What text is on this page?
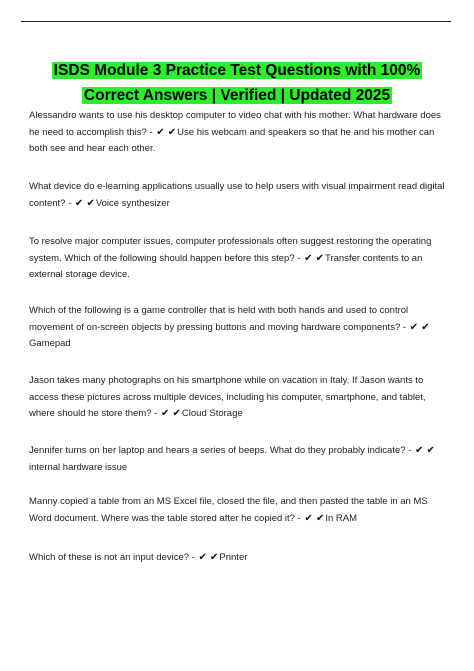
ISDS Module 3 Practice Test Questions with 100%
Correct Answers | Verified | Updated 2025
Alessandro wants to use his desktop computer to video chat with his mother. What hardware does he need to accomplish this? - ✔ ✔Use his webcam and speakers so that he and his mother can both see and hear each other.
What device do e-learning applications usually use to help users with visual impairment read digital content? - ✔ ✔Voice synthesizer
To resolve major computer issues, computer professionals often suggest restoring the operating system. Which of the following should happen before this step? - ✔ ✔Transfer contents to an external storage device.
Which of the following is a game controller that is held with both hands and used to control movement of on-screen objects by pressing buttons and moving hardware components? - ✔ ✔Gamepad
Jason takes many photographs on his smartphone while on vacation in Italy. If Jason wants to access these pictures across multiple devices, including his computer, smartphone, and tablet, where should he store them? - ✔ ✔Cloud Storage
Jennifer turns on her laptop and hears a series of beeps. What do they probably indicate? - ✔ ✔internal hardware issue
Manny copied a table from an MS Excel file, closed the file, and then pasted the table in an MS Word document. Where was the table stored after he copied it? - ✔ ✔In RAM
Which of these is not an input device? - ✔ ✔Printer
